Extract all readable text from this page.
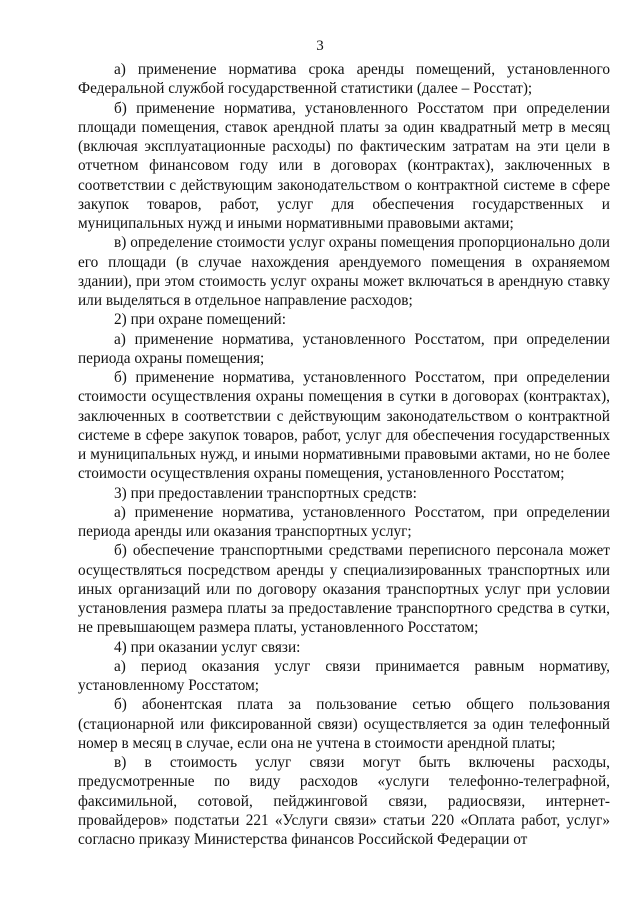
3

а) применение норматива срока аренды помещений, установленного Федеральной службой государственной статистики (далее – Росстат);

б) применение норматива, установленного Росстатом при определении площади помещения, ставок арендной платы за один квадратный метр в месяц (включая эксплуатационные расходы) по фактическим затратам на эти цели в отчетном финансовом году или в договорах (контрактах), заключенных в соответствии с действующим законодательством о контрактной системе в сфере закупок товаров, работ, услуг для обеспечения государственных и муниципальных нужд и иными нормативными правовыми актами;

в) определение стоимости услуг охраны помещения пропорционально доли его площади (в случае нахождения арендуемого помещения в охраняемом здании), при этом стоимость услуг охраны может включаться в арендную ставку или выделяться в отдельное направление расходов;

2) при охране помещений:

а) применение норматива, установленного Росстатом, при определении периода охраны помещения;

б) применение норматива, установленного Росстатом, при определении стоимости осуществления охраны помещения в сутки в договорах (контрактах), заключенных в соответствии с действующим законодательством о контрактной системе в сфере закупок товаров, работ, услуг для обеспечения государственных и муниципальных нужд, и иными нормативными правовыми актами, но не более стоимости осуществления охраны помещения, установленного Росстатом;

3) при предоставлении транспортных средств:

а) применение норматива, установленного Росстатом, при определении периода аренды или оказания транспортных услуг;

б) обеспечение транспортными средствами переписного персонала может осуществляться посредством аренды у специализированных транспортных или иных организаций или по договору оказания транспортных услуг при условии установления размера платы за предоставление транспортного средства в сутки, не превышающем размера платы, установленного Росстатом;

4) при оказании услуг связи:

а) период оказания услуг связи принимается равным нормативу, установленному Росстатом;

б) абонентская плата за пользование сетью общего пользования (стационарной или фиксированной связи) осуществляется за один телефонный номер в месяц в случае, если она не учтена в стоимости арендной платы;

в) в стоимость услуг связи могут быть включены расходы, предусмотренные по виду расходов «услуги телефонно-телеграфной, факсимильной, сотовой, пейджинговой связи, радиосвязи, интернет-провайдеров» подстатьи 221 «Услуги связи» статьи 220 «Оплата работ, услуг» согласно приказу Министерства финансов Российской Федерации от
